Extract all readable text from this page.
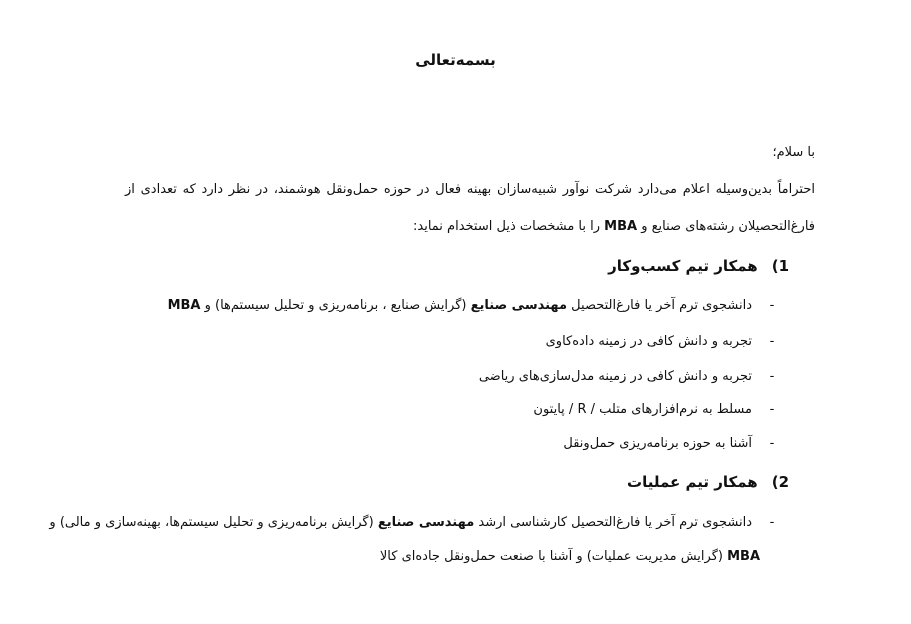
بسمه‌تعالی
با سلام؛
احتراماً بدین‌وسیله اعلام می‌دارد شرکت نوآور شبیه‌سازان بهینه فعال در حوزه حمل‌ونقل هوشمند، در نظر دارد که تعدادی از
فارغ‌التحصیلان رشته‌های صنایع و MBA را با مشخصات ذیل استخدام نماید:
1)
همکار تیم کسب‌وکار
-
دانشجوی ترم آخر یا فارغ‌التحصیل مهندسی صنایع (گرایش صنایع ، برنامه‌ریزی و تحلیل سیستم‌ها) و MBA
-
تجربه و دانش کافی در زمینه داده‌کاوی
-
تجربه و دانش کافی در زمینه مدل‌سازی‌های ریاضی
-
مسلط به نرم‌افزارهای متلب / R / پایتون
-
آشنا به حوزه برنامه‌ریزی حمل‌ونقل
2)
همکار تیم عملیات
-
دانشجوی ترم آخر یا فارغ‌التحصیل کارشناسی ارشد مهندسی صنایع (گرایش برنامه‌ریزی و تحلیل سیستم‌ها، بهینه‌سازی و مالی) و
MBA (گرایش مدیریت عملیات) و آشنا با صنعت حمل‌ونقل جاده‌ای کالا
